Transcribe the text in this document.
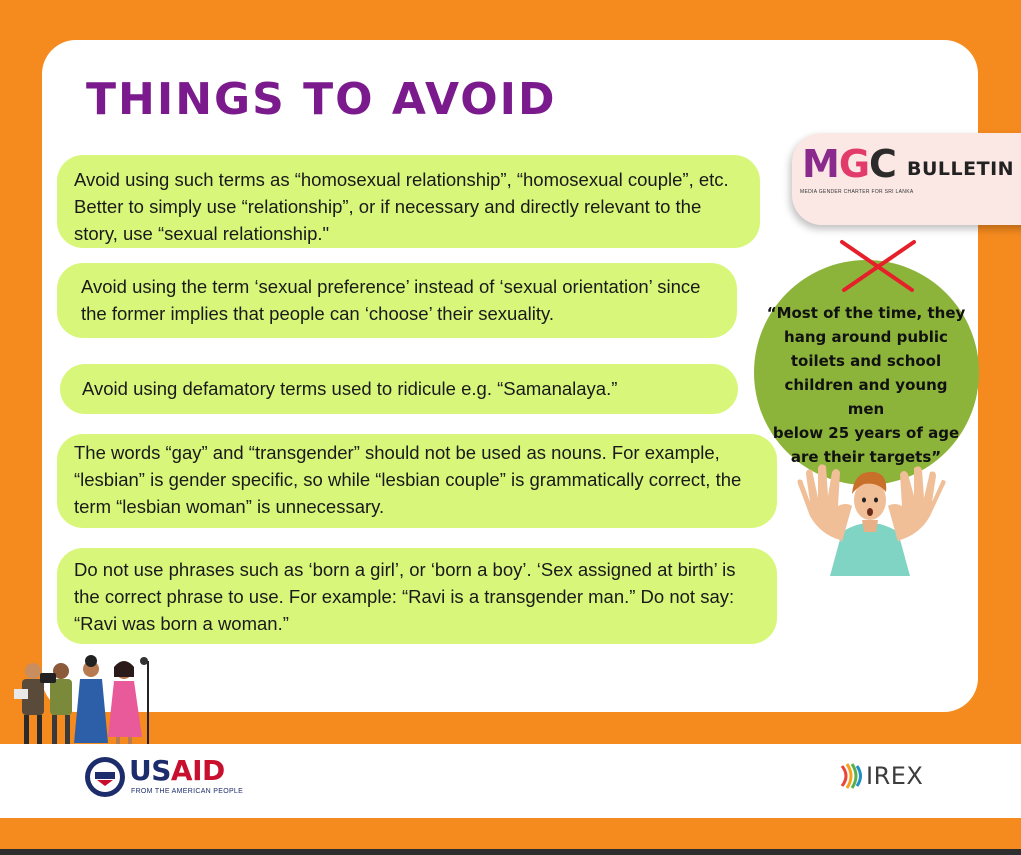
THINGS TO AVOID
Avoid using such terms as “homosexual relationship”, “homosexual couple”, etc.
Better to simply use “relationship”, or if necessary and directly relevant to the
story, use “sexual relationship."
Avoid using the term ‘sexual preference’ instead of ‘sexual orientation’ since
the former implies that people can ‘choose’ their sexuality.
Avoid using defamatory terms used to ridicule e.g. “Samanalaya.”
The words “gay” and “transgender” should not be used as nouns. For example,
“lesbian” is gender specific, so while “lesbian couple” is grammatically correct, the
term “lesbian woman” is unnecessary.
Do not use phrases such as ‘born a girl’, or ‘born a boy’. ‘Sex assigned at birth’ is
the correct phrase to use. For example: “Ravi is a transgender man.” Do not say:
“Ravi was born a woman.”
MGC BULLETIN
MEDIA GENDER CHARTER FOR SRI LANKA
“Most of the time, they
hang around public
toilets and school
children and young men
below 25 years of age
are their targets”
USAID
FROM THE AMERICAN PEOPLE
IREX
